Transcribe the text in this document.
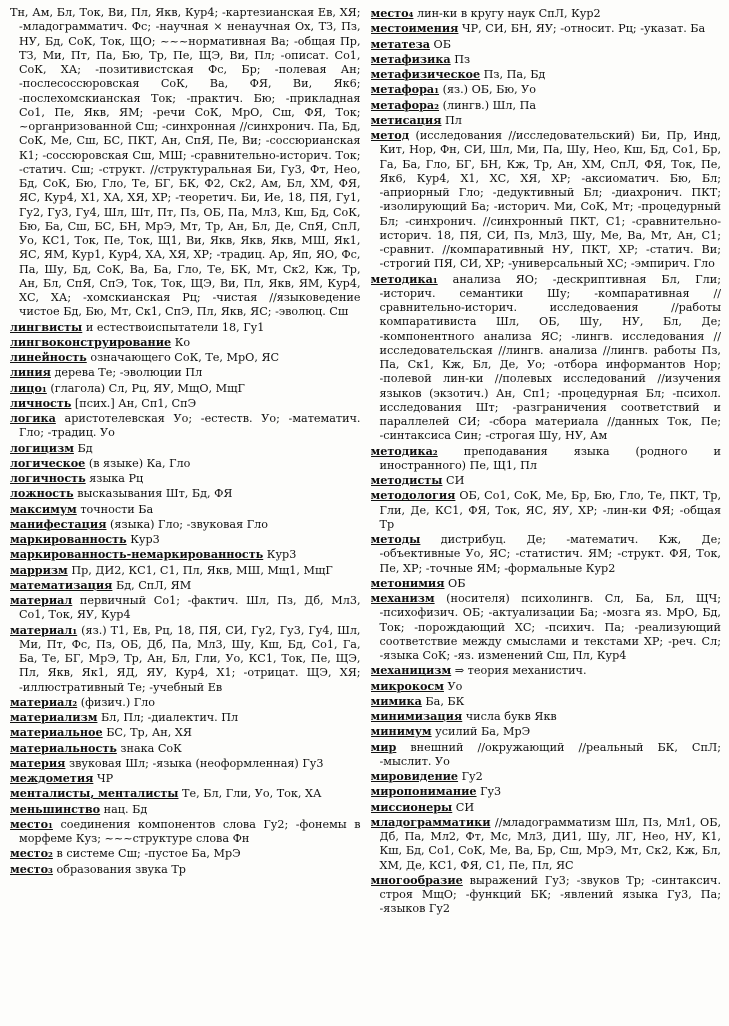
Тн, Ам, Бл, Ток, Ви, Пл, Якв, Кур4; -картезианская Ев, ХЯ; -младограмматич. Фс; -научная × ненаучная Ох, ТЗ, Пз, НУ, Бд, СоК, Ток, ЩО; ~~~нормативная Ва; -общая Пр, ТЗ, Ми, Пт, Па, Бю, Тр, Пе, ЩЭ, Ви, Пл; -описат. Со1, СоК, ХА; -позитивистская Фс, Бр; -полевая Ан; -послесоссюровская СоК, Ва, ФЯ, Ви, Як6; -послехомскианская Ток; -практич. Бю; -прикладная Со1, Пе, Якв, ЯМ; -речи СоК, МрО, Сш, ФЯ, Ток; ~органризованной Сш; -синхронная //синхронич. Па, Бд, СоК, Ме, Сш, БС, ПКТ, Ан, СпЯ, Пе, Ви; -соссюрианская К1; -соссюровская Сш, МШ; -сравнительно-историч. Ток; -статич. Сш; -структ. //структуральная Би, Гу3, Фт, Нео, Бд, СоК, Бю, Гло, Те, БГ, БК, Ф2, Ск2, Ам, Бл, ХМ, ФЯ, ЯС, Кур4, Х1, ХА, ХЯ, ХР; -теоретич. Би, Ие, 18, ПЯ, Гу1, Гу2, Гу3, Гу4, Шл, Шт, Пт, Пз, ОБ, Па, Мл3, Кш, Бд, СоК, Бю, Ба, Сш, БС, БН, МрЭ, Мт, Тр, Ан, Бл, Де, СпЯ, СпЛ, Уо, КС1, Ток, Пе, Ток, Щ1, Ви, Якв, Якв, Якв, МШ, Як1, ЯС, ЯМ, Кур1, Кур4, ХА, ХЯ, ХР; -традиц. Ар, Яп, ЯО, Фс, Па, Шу, Бд, СоК, Ва, Ба, Гло, Те, БК, Мт, Ск2, Кж, Тр, Ан, Бл, СпЯ, СпЭ, Ток, Ток, ЩЭ, Ви, Пл, Якв, ЯМ, Кур4, ХС, ХА; -хомскианская Рц; -чистая //языковедение чистое Бд, Бю, Мт, Ск1, СпЭ, Пл, Якв, ЯС; -эволюц. Сш

лингвисты и естествоиспытатели 18, Гу1

лингвоконструирование Ко

линейность означающего СоК, Те, МрО, ЯС

линия дерева Те; -эволюции Пл

лицо₁ (глагола) Сл, Рц, ЯУ, МщО, МщГ

личность [псих.] Ан, Сп1, СпЭ

логика аристотелевская Уо; -естеств. Уо; -математич. Гло; -традиц. Уо

логицизм Бд

логическое (в языке) Ка, Гло

логичность языка Рц

ложность высказывания Шт, Бд, ФЯ

максимум точности Ба

манифестация (языка) Гло; -звуковая Гло

маркированность Кур3

маркированность-немаркированность Кур3

марризм Пр, ДИ2, КС1, С1, Пл, Якв, МШ, Мщ1, МщГ

математизация Бд, СпЛ, ЯМ

материал первичный Со1; -фактич. Шл, Пз, Дб, Мл3, Со1, Ток, ЯУ, Кур4

материал₁ (яз.) Т1, Ев, Рц, 18, ПЯ, СИ, Гу2, Гу3, Гу4, Шл, Ми, Пт, Фс, Пз, ОБ, Дб, Па, Мл3, Шу, Кш, Бд, Со1, Га, Ба, Те, БГ, МрЭ, Тр, Ан, Бл, Гли, Уо, КС1, Ток, Пе, ЩЭ, Пл, Якв, Як1, ЯД, ЯУ, Кур4, Х1; -отрицат. ЩЭ, ХЯ; -иллюстративный Те; -учебный Ев

материал₂ (физич.) Гло

материализм Бл, Пл; -диалектич. Пл

материальное БС, Тр, Ан, ХЯ

материальность знака СоК

материя звуковая Шл; -языка (неоформленная) Гу3

междометия ЧР

менталисты, менталисты Те, Бл, Гли, Уо, Ток, ХА

меньшинство нац. Бд

место₁ соединения компонентов слова Гу2; -фонемы в морфеме Куз; ~~~структуре слова Фн

место₂ в системе Сш; -пустое Ба, МрЭ

место₃ образования звука Тр

место₄ лин-ки в кругу наук СпЛ, Кур2

местоимения ЧР, СИ, БН, ЯУ; -относит. Рц; -указат. Ба

метатеза ОБ

метафизика Пз

метафизическое Пз, Па, Бд

метафора₁ (яз.) ОБ, Бю, Уо

метафора₂ (лингв.) Шл, Па

метисация Пл

метод (исследования //исследовательский) Би, Пр, Инд, Кит, Нор, Фн, СИ, Шл, Ми, Па, Шу, Нео, Кш, Бд, Со1, Бр, Га, Ба, Гло, БГ, БН, Кж, Тр, Ан, ХМ, СпЛ, ФЯ, Ток, Пе, Як6, Кур4, Х1, ХС, ХЯ, ХР; -аксиоматич. Бю, Бл; -априорный Гло; -дедуктивный Бл; -диахронич. ПКТ; -изолирующий Ба; -историч. Ми, СоК, Мт; -процедурный Бл; -синхронич. //синхронный ПКТ, С1; -сравнительно-историч. 18, ПЯ, СИ, Пз, Мл3, Шу, Ме, Ва, Мт, Ан, С1; -сравнит. //компаративный НУ, ПКТ, ХР; -статич. Ви; -строгий ПЯ, СИ, ХР; -универсальный ХС; -эмпирич. Гло

методика₁ анализа ЯО; -дескриптивная Бл, Гли; -историч. семантики Шу; -компаративная //сравнительно-историч. исследоваения //работы компаративиста Шл, ОБ, Шу, НУ, Бл, Де; -компонентного анализа ЯС; -лингв. исследования //исследовательская //лингв. анализа //лингв. работы Пз, Па, Ск1, Кж, Бл, Де, Уо; -отбора информантов Нор; -полевой лин-ки //полевых исследований //изучения языков (экзотич.) Ан, Сп1; -процедурная Бл; -психол. исследования Шт; -разграничения соответствий и параллелей СИ; -сбора материала //данных Ток, Пе; -синтаксиса Син; -строгая Шу, НУ, Ам

методика₂ преподавания языка (родного и иностранного) Пе, Щ1, Пл

методисты СИ

методология ОБ, Со1, СоК, Ме, Бр, Бю, Гло, Те, ПКТ, Тр, Гли, Де, КС1, ФЯ, Ток, ЯС, ЯУ, ХР; -лин-ки ФЯ; -общая Тр

методы дистрибуц. Де; -математич. Кж, Де; -объективные Уо, ЯС; -статистич. ЯМ; -структ. ФЯ, Ток, Пе, ХР; -точные ЯМ; -формальные Кур2

метонимия ОБ

механизм (носителя) психолингв. Сл, Ба, Бл, ЩЧ; -психофизич. ОБ; -актуализации Ба; -мозга яз. МрО, Бд, Ток; -порождающий ХС; -психич. Па; -реализующий соответствие между смыслами и текстами ХР; -реч. Сл; -языка СоК; -яз. изменений Сш, Пл, Кур4

механицизм ⇒ теория механистич.

микрокосм Уо

мимика Ба, БК

минимизация числа букв Якв

минимум усилий Ба, МрЭ

мир внешний //окружающий //реальный БК, СпЛ; -мыслит. Уо

мировидение Гу2

миропонимание Гу3

миссионеры СИ

младограмматики //младограмматизм Шл, Пз, Мл1, ОБ, Дб, Па, Мл2, Фт, Мс, Мл3, ДИ1, Шу, ЛГ, Нео, НУ, К1, Кш, Бд, Со1, СоК, Ме, Ва, Бр, Сш, МрЭ, Мт, Ск2, Кж, Бл, ХМ, Де, КС1, ФЯ, С1, Пе, Пл, ЯС

многообразие выражений Гу3; -звуков Тр; -синтаксич. строя МщО; -функций БК; -явлений языка Гу3, Па; -языков Гу2
